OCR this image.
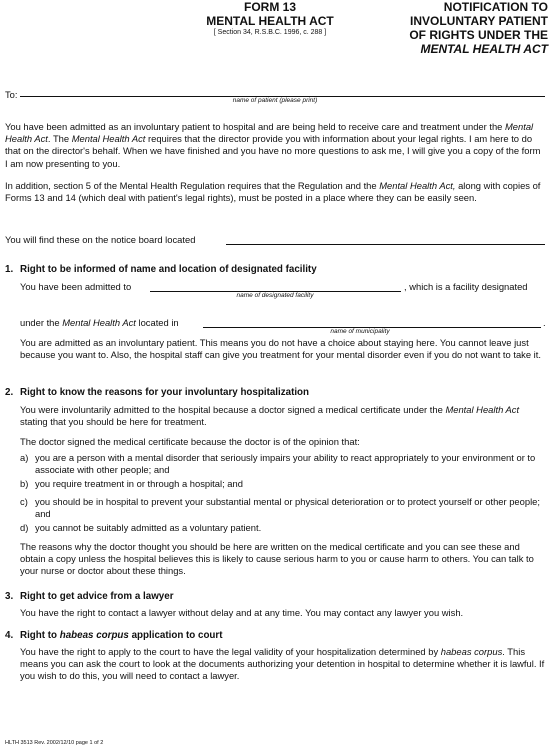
FORM 13
MENTAL HEALTH ACT
[ Section 34, R.S.B.C. 1996, c. 288 ]
NOTIFICATION TO
INVOLUNTARY PATIENT
OF RIGHTS UNDER THE
MENTAL HEALTH ACT
To:
name of patient (please print)

You have been admitted as an involuntary patient to hospital and are being held to receive care and treatment under the Mental Health Act. The Mental Health Act requires that the director provide you with information about your legal rights. I am here to do that on the director's behalf. When we have finished and you have no more questions to ask me, I will give you a copy of the form I am now presenting to you.

In addition, section 5 of the Mental Health Regulation requires that the Regulation and the Mental Health Act, along with copies of Forms 13 and 14 (which deal with patient's legal rights), must be posted in a place where they can be easily seen.

You will find these on the notice board located
1. Right to be informed of name and location of designated facility
You have been admitted to	, which is a facility designated
name of designated facility
under the Mental Health Act located in	.
name of municipality

You are admitted as an involuntary patient. This means you do not have a choice about staying here. You cannot leave just because you want to. Also, the hospital staff can give you treatment for your mental disorder even if you do not want to take it.

2. Right to know the reasons for your involuntary hospitalization

You were involuntarily admitted to the hospital because a doctor signed a medical certificate under the Mental Health Act stating that you should be here for treatment.

The doctor signed the medical certificate because the doctor is of the opinion that:

a) you are a person with a mental disorder that seriously impairs your ability to react appropriately to your environment or to associate with other people; and
b) you require treatment in or through a hospital; and
c) you should be in hospital to prevent your substantial mental or physical deterioration or to protect yourself or other people; and
d) you cannot be suitably admitted as a voluntary patient.

The reasons why the doctor thought you should be here are written on the medical certificate and you can see these and obtain a copy unless the hospital believes this is likely to cause serious harm to you or cause harm to others. You can talk to your nurse or doctor about these things.

3. Right to get advice from a lawyer

You have the right to contact a lawyer without delay and at any time. You may contact any lawyer you wish.

4. Right to habeas corpus application to court

You have the right to apply to the court to have the legal validity of your hospitalization determined by habeas corpus. This means you can ask the court to look at the documents authorizing your detention in hospital to determine whether it is lawful. If you wish to do this, you will need to contact a lawyer.

HLTH 3513 Rev. 2002/12/10 page 1 of 2
